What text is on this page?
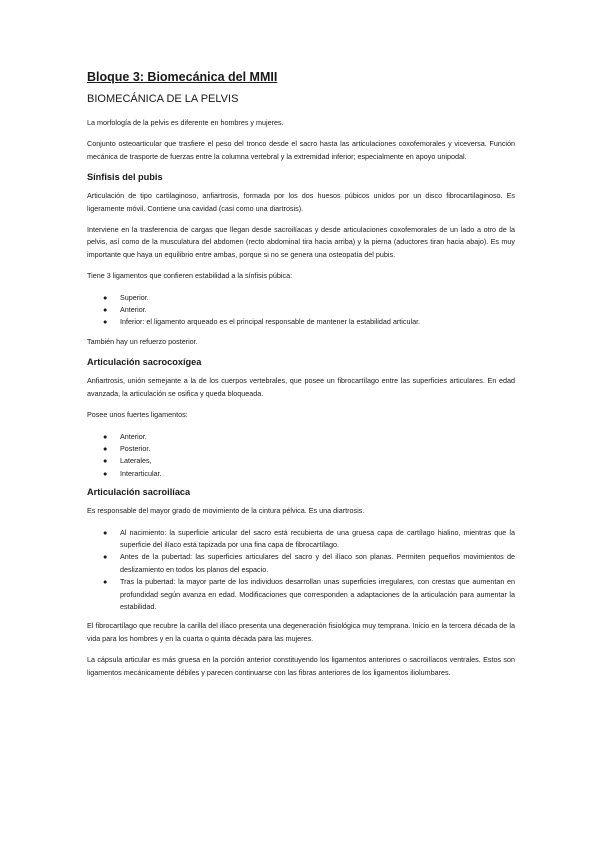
Bloque 3: Biomecánica del MMII
BIOMECÁNICA DE LA PELVIS

La morfología de la pelvis es diferente en hombres y mujeres.

Conjunto osteoarticular que trasfiere el peso del tronco desde el sacro hasta las articulaciones coxofemorales y viceversa. Función mecánica de trasporte de fuerzas entre la columna vertebral y la extremidad inferior; especialmente en apoyo unipodal.

Sínfisis del pubis

Articulación de tipo cartilaginoso, anfiartrosis, formada por los dos huesos púbicos unidos por un disco fibrocartilaginoso. Es ligeramente móvil. Contiene una cavidad (casi como una diartrosis).

Interviene en la trasferencia de cargas que llegan desde sacroilíacas y desde articulaciones coxofemorales de un lado a otro de la pelvis, así como de la musculatura del abdomen (recto abdominal tira hacia arriba) y la pierna (aductores tiran hacia abajo). Es muy importante que haya un equilibrio entre ambas, porque si no se genera una osteopatía del pubis.

Tiene 3 ligamentos que confieren estabilidad a la sínfisis púbica:

● Superior.
● Anterior.
● Inferior: el ligamento arqueado es el principal responsable de mantener la estabilidad articular.

También hay un refuerzo posterior.

Articulación sacrocoxígea

Anfiartrosis, unión semejante a la de los cuerpos vertebrales, que posee un fibrocartílago entre las superficies articulares. En edad avanzada, la articulación se osifica y queda bloqueada.

Posee unos fuertes ligamentos:

● Anterior.
● Posterior.
● Laterales,
● Interarticular.
Articulación sacroilíaca

Es responsable del mayor grado de movimiento de la cintura pélvica. Es una diartrosis.

● Al nacimiento: la superficie articular del sacro está recubierta de una gruesa capa de cartílago hialino, mientras que la superficie del ilíaco está tapizada por una fina capa de fibrocartílago.
● Antes de la pubertad: las superficies articulares del sacro y del ilíaco son planas. Permiten pequeños movimientos de deslizamiento en todos los planos del espacio.
● Tras la pubertad: la mayor parte de los individuos desarrollan unas superficies irregulares, con crestas que aumentan en profundidad según avanza en edad. Modificaciones que corresponden a adaptaciones de la articulación para aumentar la estabilidad.

El fibrocartílago que recubre la carilla del ilíaco presenta una degeneración fisiológica muy temprana. Inicio en la tercera década de la vida para los hombres y en la cuarta o quinta década para las mujeres.

La cápsula articular es más gruesa en la porción anterior constituyendo los ligamentos anteriores o sacroilíacos ventrales. Estos son ligamentos mecánicamente débiles y parecen continuarse con las fibras anteriores de los ligamentos iliolumbares.
